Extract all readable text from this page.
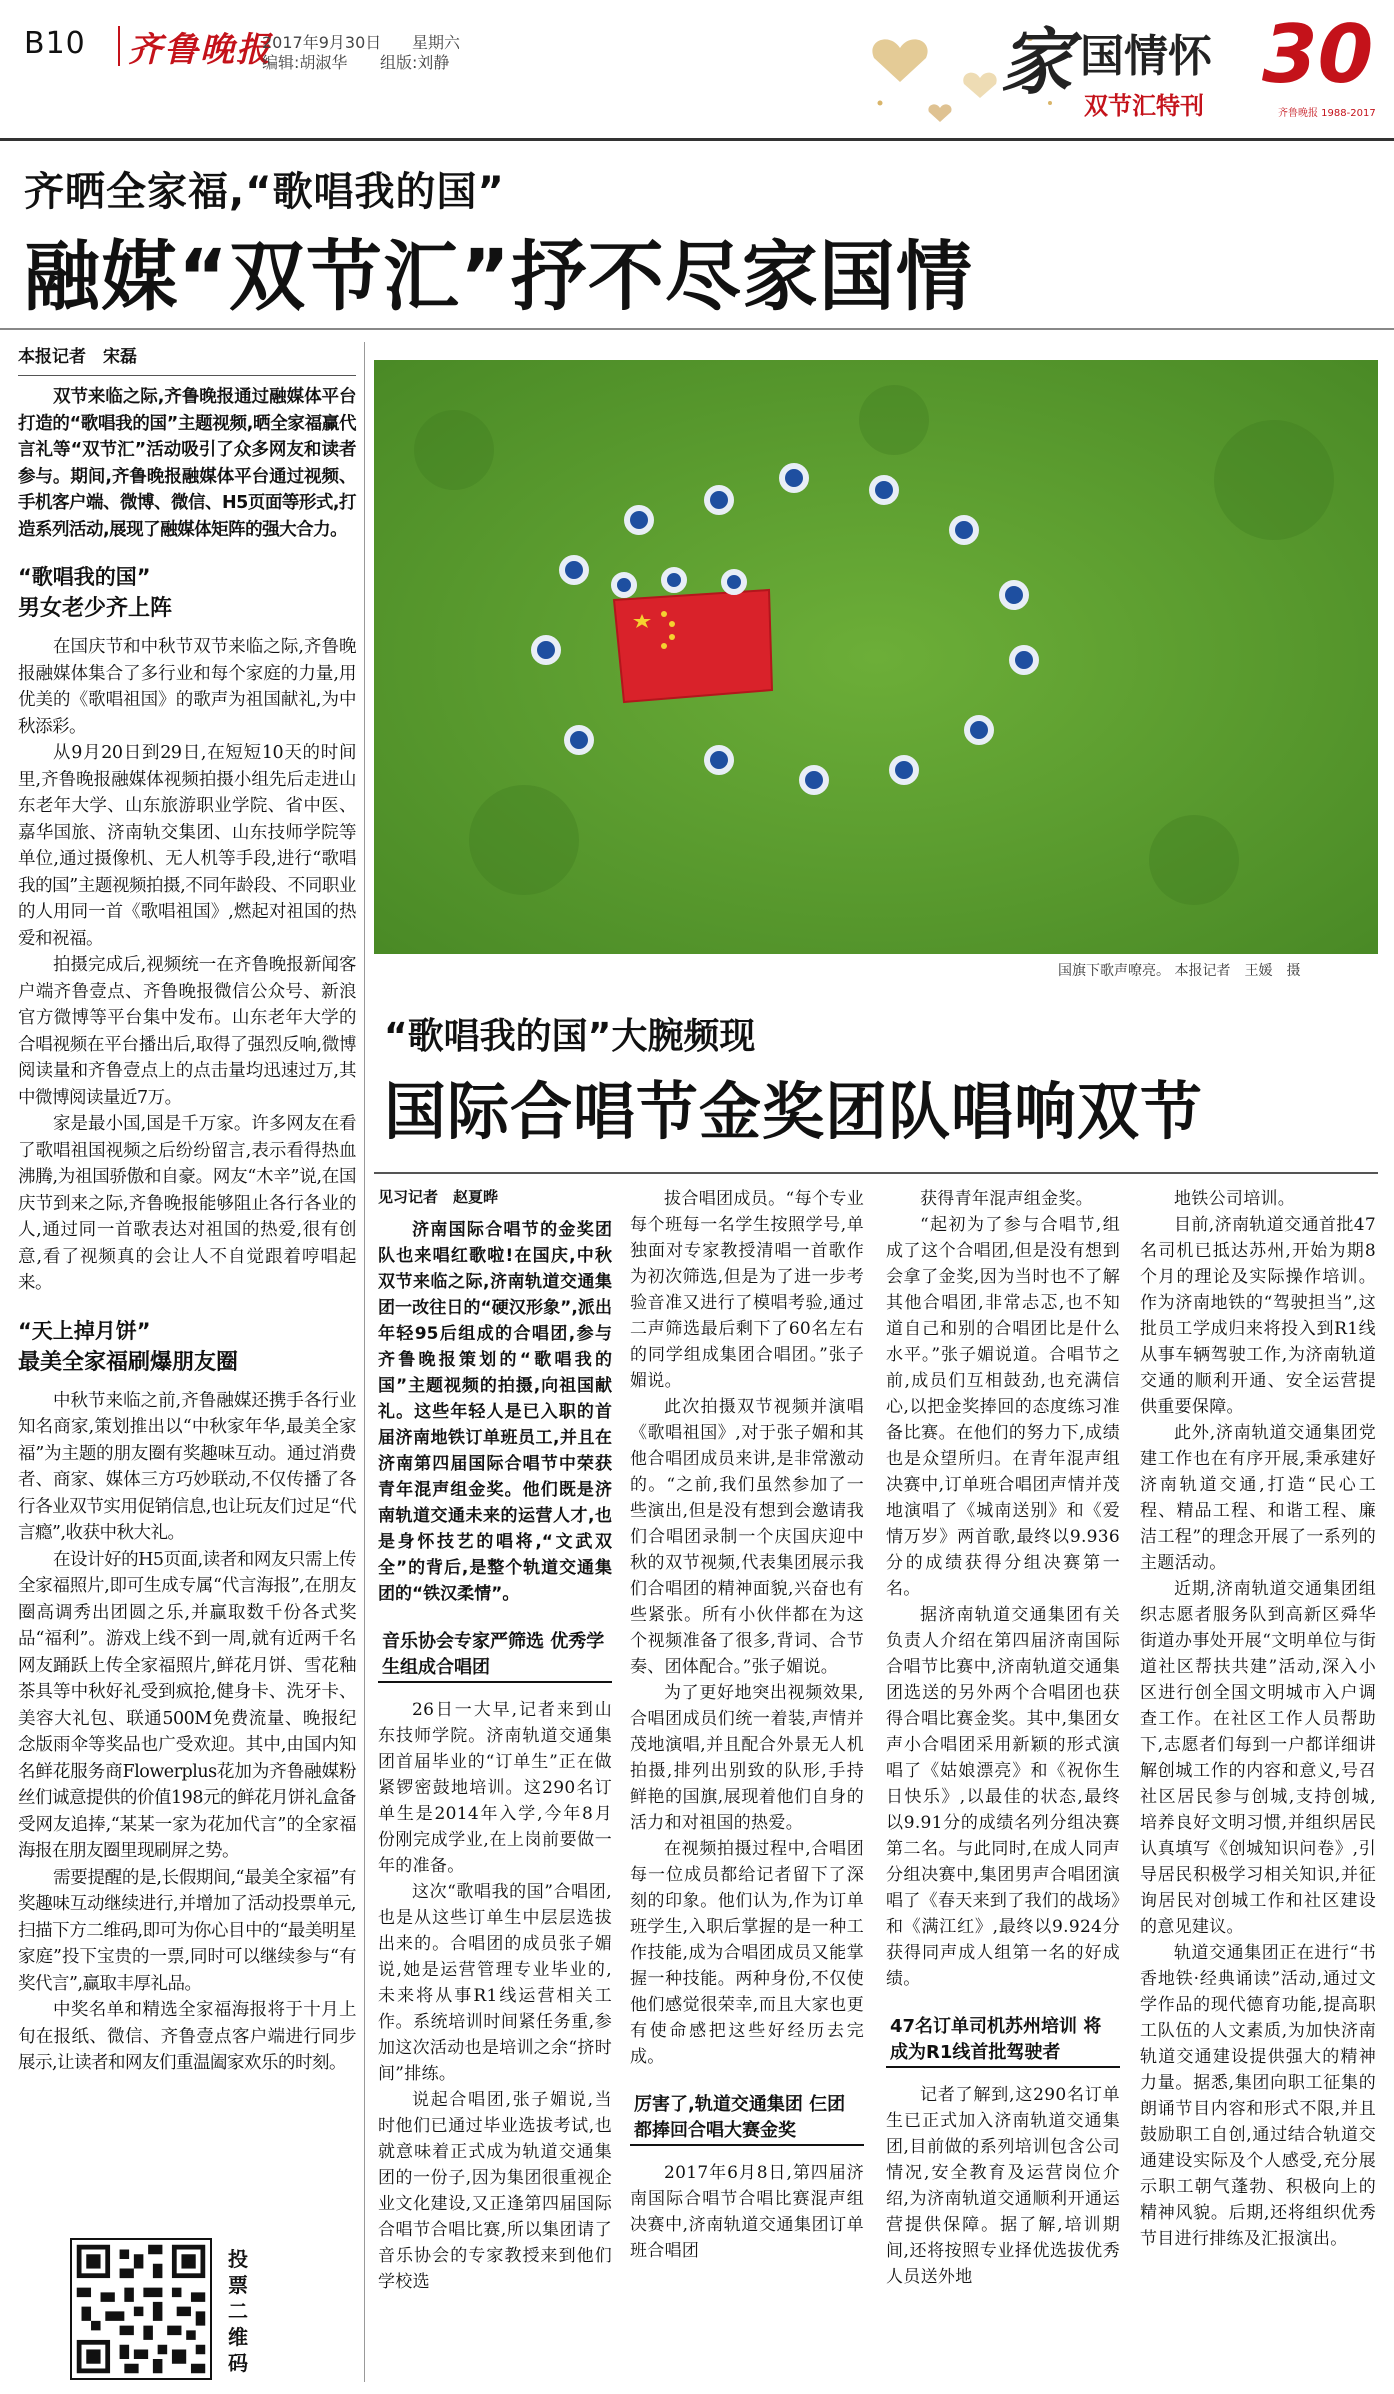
B10 齐鲁晚报
2017年9月30日 星期六
编辑:胡淑华 组版:刘静	家 国情怀
双节汇特刊
30
齐鲁晚报 1988-2017
齐晒全家福,“歌唱我的国”
融媒“双节汇”抒不尽家国情
本报记者　宋磊
双节来临之际,齐鲁晚报通过融媒体平台打造的“歌唱我的国”主题视频,晒全家福赢代言礼等“双节汇”活动吸引了众多网友和读者参与。期间,齐鲁晚报融媒体平台通过视频、手机客户端、微博、微信、H5页面等形式,打造系列活动,展现了融媒体矩阵的强大合力。
“歌唱我的国”
男女老少齐上阵
在国庆节和中秋节双节来临之际,齐鲁晚报融媒体集合了多行业和每个家庭的力量,用优美的《歌唱祖国》的歌声为祖国献礼,为中秋添彩。
从9月20日到29日,在短短10天的时间里,齐鲁晚报融媒体视频拍摄小组先后走进山东老年大学、山东旅游职业学院、省中医、嘉华国旅、济南轨交集团、山东技师学院等单位,通过摄像机、无人机等手段,进行“歌唱我的国”主题视频拍摄,不同年龄段、不同职业的人用同一首《歌唱祖国》,燃起对祖国的热爱和祝福。
拍摄完成后,视频统一在齐鲁晚报新闻客户端齐鲁壹点、齐鲁晚报微信公众号、新浪官方微博等平台集中发布。山东老年大学的合唱视频在平台播出后,取得了强烈反响,微博阅读量和齐鲁壹点上的点击量均迅速过万,其中微博阅读量近7万。
家是最小国,国是千万家。许多网友在看了歌唱祖国视频之后纷纷留言,表示看得热血沸腾,为祖国骄傲和自豪。网友“木辛”说,在国庆节到来之际,齐鲁晚报能够阻止各行各业的人,通过同一首歌表达对祖国的热爱,很有创意,看了视频真的会让人不自觉跟着哼唱起来。
“天上掉月饼”
最美全家福刷爆朋友圈
中秋节来临之前,齐鲁融媒还携手各行业知名商家,策划推出以“中秋家年华,最美全家福”为主题的朋友圈有奖趣味互动。通过消费者、商家、媒体三方巧妙联动,不仅传播了各行各业双节实用促销信息,也让玩友们过足“代言瘾”,收获中秋大礼。
在设计好的H5页面,读者和网友只需上传全家福照片,即可生成专属“代言海报”,在朋友圈高调秀出团圆之乐,并赢取数千份各式奖品“福利”。游戏上线不到一周,就有近两千名网友踊跃上传全家福照片,鲜花月饼、雪花釉茶具等中秋好礼受到疯抢,健身卡、洗牙卡、美容大礼包、联通500M免费流量、晚报纪念版雨伞等奖品也广受欢迎。其中,由国内知名鲜花服务商Flowerplus花加为齐鲁融媒粉丝们诚意提供的价值198元的鲜花月饼礼盒备受网友追捧,“某某一家为花加代言”的全家福海报在朋友圈里现刷屏之势。
需要提醒的是,长假期间,“最美全家福”有奖趣味互动继续进行,并增加了活动投票单元,扫描下方二维码,即可为你心目中的“最美明星家庭”投下宝贵的一票,同时可以继续参与“有奖代言”,赢取丰厚礼品。
中奖名单和精选全家福海报将于十月上旬在报纸、微信、齐鲁壹点客户端进行同步展示,让读者和网友们重温阖家欢乐的时刻。
投票二维码
国旗下歌声嘹亮。 本报记者　王媛　摄
“歌唱我的国”大腕频现
国际合唱节金奖团队唱响双节
见习记者　赵夏晔
济南国际合唱节的金奖团队也来唱红歌啦!在国庆,中秋双节来临之际,济南轨道交通集团一改往日的“硬汉形象”,派出年轻95后组成的合唱团,参与齐鲁晚报策划的“歌唱我的国”主题视频的拍摄,向祖国献礼。这些年轻人是已入职的首届济南地铁订单班员工,并且在济南第四届国际合唱节中荣获青年混声组金奖。他们既是济南轨道交通未来的运营人才,也是身怀技艺的唱将,“文武双全”的背后,是整个轨道交通集团的“铁汉柔情”。
音乐协会专家严筛选 优秀学生组成合唱团
26日一大早,记者来到山东技师学院。济南轨道交通集团首届毕业的“订单生”正在做紧锣密鼓地培训。这290名订单生是2014年入学,今年8月份刚完成学业,在上岗前要做一年的准备。
这次“歌唱我的国”合唱团,也是从这些订单生中层层选拔出来的。合唱团的成员张子媚说,她是运营管理专业毕业的,未来将从事R1线运营相关工作。系统培训时间紧任务重,参加这次活动也是培训之余“挤时间”排练。
说起合唱团,张子媚说,当时他们已通过毕业选拔考试,也就意味着正式成为轨道交通集团的一份子,因为集团很重视企业文化建设,又正逢第四届国际合唱节合唱比赛,所以集团请了音乐协会的专家教授来到他们学校选
拔合唱团成员。“每个专业每个班每一名学生按照学号,单独面对专家教授清唱一首歌作为初次筛选,但是为了进一步考验音准又进行了模唱考验,通过二声筛选最后剩下了60名左右的同学组成集团合唱团。”张子媚说。
此次拍摄双节视频并演唱《歌唱祖国》,对于张子媚和其他合唱团成员来讲,是非常激动的。“之前,我们虽然参加了一些演出,但是没有想到会邀请我们合唱团录制一个庆国庆迎中秋的双节视频,代表集团展示我们合唱团的精神面貌,兴奋也有些紧张。所有小伙伴都在为这个视频准备了很多,背词、合节奏、团体配合。”张子媚说。
为了更好地突出视频效果,合唱团成员们统一着装,声情并茂地演唱,并且配合外景无人机拍摄,排列出别致的队形,手持鲜艳的国旗,展现着他们自身的活力和对祖国的热爱。
在视频拍摄过程中,合唱团每一位成员都给记者留下了深刻的印象。他们认为,作为订单班学生,入职后掌握的是一种工作技能,成为合唱团成员又能掌握一种技能。两种身份,不仅使他们感觉很荣幸,而且大家也更有使命感把这些好经历去完成。
厉害了,轨道交通集团 仨团都捧回合唱大赛金奖
2017年6月8日,第四届济南国际合唱节合唱比赛混声组决赛中,济南轨道交通集团订单班合唱团
获得青年混声组金奖。
“起初为了参与合唱节,组成了这个合唱团,但是没有想到会拿了金奖,因为当时也不了解其他合唱团,非常忐忑,也不知道自己和别的合唱团比是什么水平。”张子媚说道。合唱节之前,成员们互相鼓劲,也充满信心,以把金奖捧回的态度练习准备比赛。在他们的努力下,成绩也是众望所归。在青年混声组决赛中,订单班合唱团声情并茂地演唱了《城南送别》和《爱情万岁》两首歌,最终以9.936分的成绩获得分组决赛第一名。
据济南轨道交通集团有关负责人介绍在第四届济南国际合唱节比赛中,济南轨道交通集团选送的另外两个合唱团也获得合唱比赛金奖。其中,集团女声小合唱团采用新颖的形式演唱了《姑娘漂亮》和《祝你生日快乐》,以最佳的状态,最终以9.91分的成绩名列分组决赛第二名。与此同时,在成人同声分组决赛中,集团男声合唱团演唱了《春天来到了我们的战场》和《满江红》,最终以9.924分获得同声成人组第一名的好成绩。
47名订单司机苏州培训 将成为R1线首批驾驶者
记者了解到,这290名订单生已正式加入济南轨道交通集团,目前做的系列培训包含公司情况,安全教育及运营岗位介绍,为济南轨道交通顺利开通运营提供保障。据了解,培训期间,还将按照专业择优选拔优秀人员送外地
地铁公司培训。
目前,济南轨道交通首批47名司机已抵达苏州,开始为期8个月的理论及实际操作培训。作为济南地铁的“驾驶担当”,这批员工学成归来将投入到R1线从事车辆驾驶工作,为济南轨道交通的顺利开通、安全运营提供重要保障。
此外,济南轨道交通集团党建工作也在有序开展,秉承建好济南轨道交通,打造“民心工程、精品工程、和谐工程、廉洁工程”的理念开展了一系列的主题活动。
近期,济南轨道交通集团组织志愿者服务队到高新区舜华街道办事处开展“文明单位与街道社区帮扶共建”活动,深入小区进行创全国文明城市入户调查工作。在社区工作人员帮助下,志愿者们每到一户都详细讲解创城工作的内容和意义,号召社区居民参与创城,支持创城,培养良好文明习惯,并组织居民认真填写《创城知识问卷》,引导居民积极学习相关知识,并征询居民对创城工作和社区建设的意见建议。
轨道交通集团正在进行“书香地铁·经典诵读”活动,通过文学作品的现代德育功能,提高职工队伍的人文素质,为加快济南轨道交通建设提供强大的精神力量。据悉,集团向职工征集的朗诵节目内容和形式不限,并且鼓励职工自创,通过结合轨道交通建设实际及个人感受,充分展示职工朝气蓬勃、积极向上的精神风貌。后期,还将组织优秀节目进行排练及汇报演出。
